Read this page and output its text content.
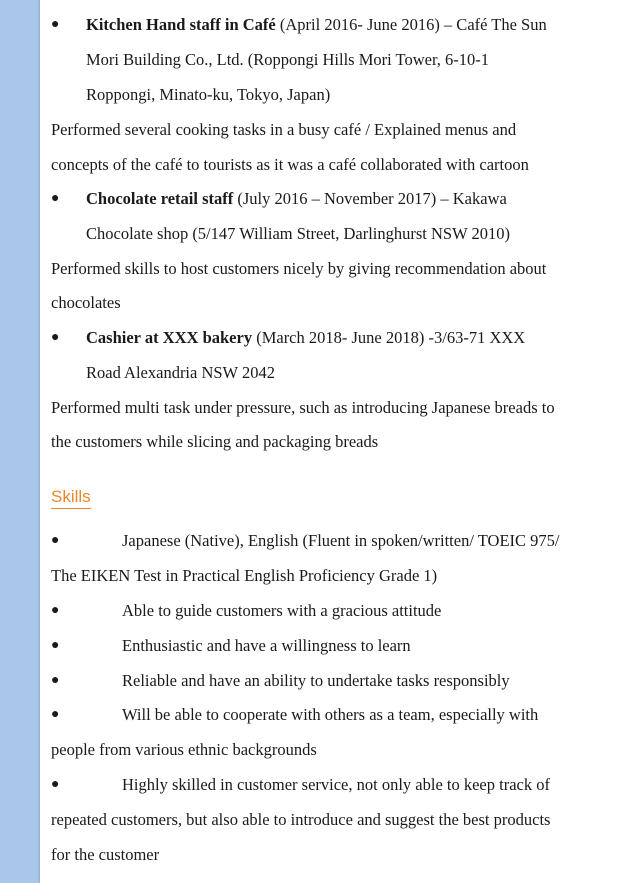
● Kitchen Hand staff in Café (April 2016- June 2016) – Café The Sun
Mori Building Co., Ltd. (Roppongi Hills Mori Tower, 6-10-1
Roppongi, Minato-ku, Tokyo, Japan)
Performed several cooking tasks in a busy café / Explained menus and
concepts of the café to tourists as it was a café collaborated with cartoon
● Chocolate retail staff (July 2016 – November 2017) – Kakawa
Chocolate shop (5/147 William Street, Darlinghurst NSW 2010)
Performed skills to host customers nicely by giving recommendation about
chocolates
● Cashier at XXX bakery (March 2018- June 2018) -3/63-71 XXX
Road Alexandria NSW 2042
Performed multi task under pressure, such as introducing Japanese breads to
the customers while slicing and packaging breads
Skills
●	Japanese (Native), English (Fluent in spoken/written/ TOEIC 975/
The EIKEN Test in Practical English Proficiency Grade 1)
●	Able to guide customers with a gracious attitude
●	Enthusiastic and have a willingness to learn
●	Reliable and have an ability to undertake tasks responsibly
●	Will be able to cooperate with others as a team, especially with
people from various ethnic backgrounds
●	Highly skilled in customer service, not only able to keep track of
repeated customers, but also able to introduce and suggest the best products
for the customer
